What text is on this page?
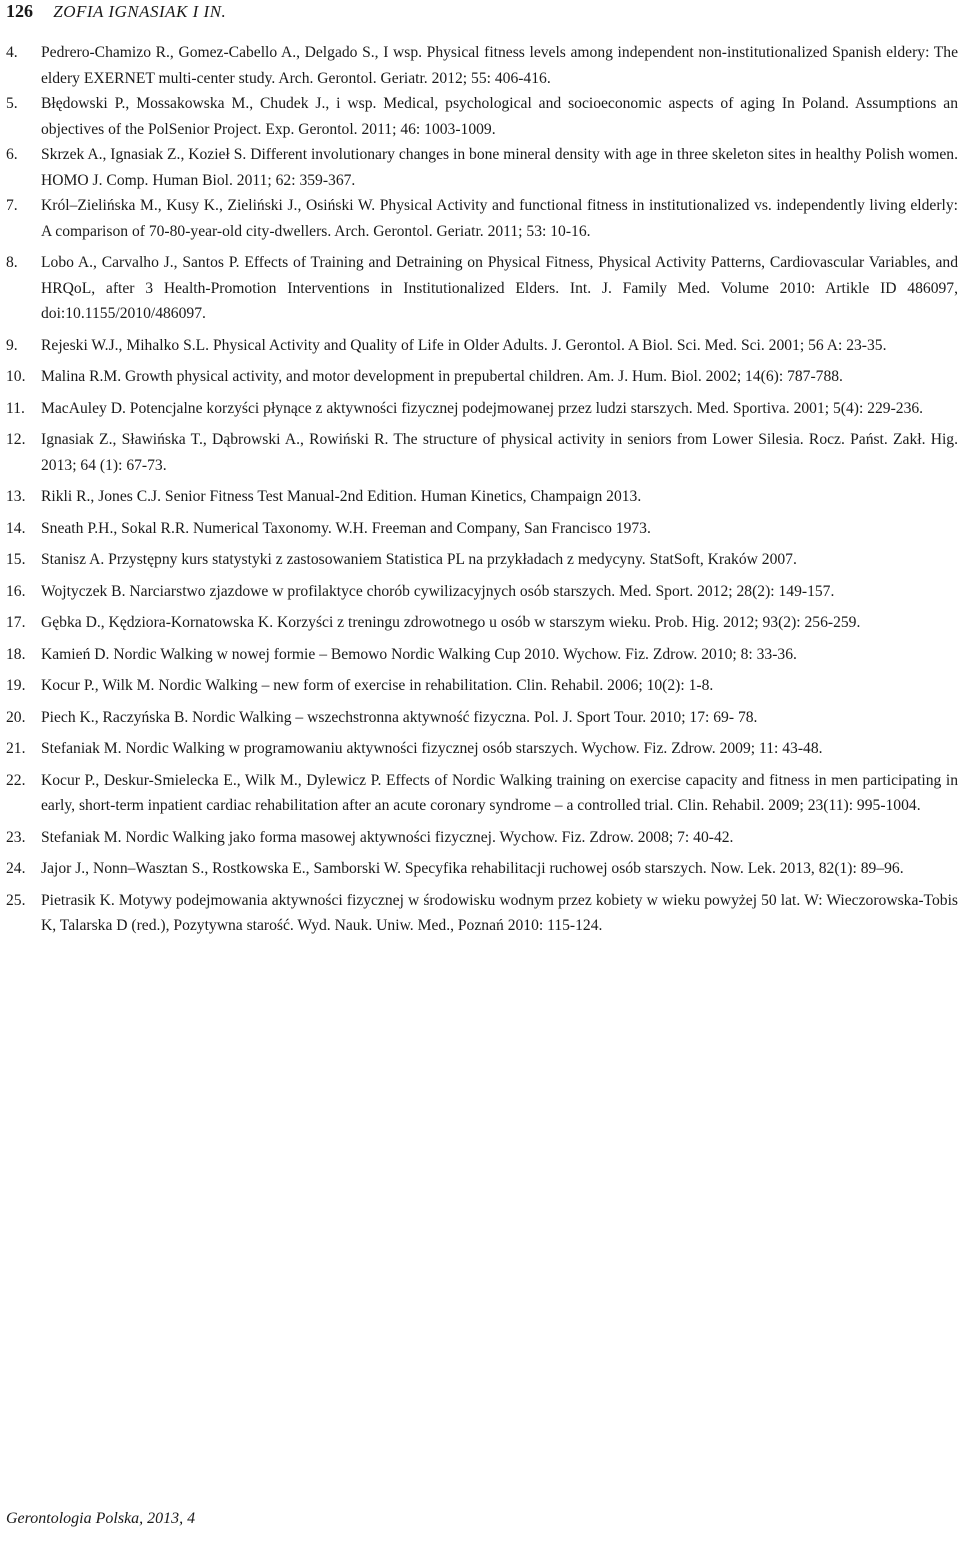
126 ZOFIA IGNASIAK I IN.
4.	Pedrero-Chamizo R., Gomez-Cabello A., Delgado S., I wsp. Physical fitness levels among independent non-institutionalized Spanish eldery: The eldery EXERNET multi-center study. Arch. Gerontol. Geriatr. 2012; 55: 406-416.
5.	Błędowski P., Mossakowska M., Chudek J., i wsp. Medical, psychological and socioeconomic aspects of aging In Poland. Assumptions an objectives of the PolSenior Project. Exp. Gerontol. 2011; 46: 1003-1009.
6.	Skrzek A., Ignasiak Z., Kozieł S. Different involutionary changes in bone mineral density with age in three skeleton sites in healthy Polish women. HOMO J. Comp. Human Biol. 2011; 62: 359-367.
7.	Król–Zielińska M., Kusy K., Zieliński J., Osiński W. Physical Activity and functional fitness in institutionalized vs. independently living elderly: A comparison of 70-80-year-old city-dwellers. Arch. Gerontol. Geriatr. 2011; 53: 10-16.
8.	Lobo A., Carvalho J., Santos P. Effects of Training and Detraining on Physical Fitness, Physical Activity Patterns, Cardiovascular Variables, and HRQoL, after 3 Health-Promotion Interventions in Institutionalized Elders. Int. J. Family Med. Volume 2010: Artikle ID 486097, doi:10.1155/2010/486097.
9.	Rejeski W.J., Mihalko S.L. Physical Activity and Quality of Life in Older Adults. J. Gerontol. A Biol. Sci. Med. Sci. 2001; 56 A: 23-35.
10. Malina R.M. Growth physical activity, and motor development in prepubertal children. Am. J. Hum. Biol. 2002; 14(6): 787-788.
11.	MacAuley D. Potencjalne korzyści płynące z aktywności fizycznej podejmowanej przez ludzi starszych. Med. Sportiva. 2001; 5(4): 229-236.
12. Ignasiak Z., Sławińska T., Dąbrowski A., Rowiński R. The structure of physical activity in seniors from Lower Silesia. Rocz. Państ. Zakł. Hig. 2013; 64 (1): 67-73.
13. Rikli R., Jones C.J. Senior Fitness Test Manual-2nd Edition. Human Kinetics, Champaign 2013.
14. Sneath P.H., Sokal R.R. Numerical Taxonomy. W.H. Freeman and Company, San Francisco 1973.
15. Stanisz A. Przystępny kurs statystyki z zastosowaniem Statistica PL na przykładach z medycyny. StatSoft, Kraków 2007.
16. Wojtyczek B. Narciarstwo zjazdowe w profilaktyce chorób cywilizacyjnych osób starszych. Med. Sport. 2012; 28(2): 149-157.
17. Gębka D., Kędziora-Kornatowska K. Korzyści z treningu zdrowotnego u osób w starszym wieku. Prob. Hig. 2012; 93(2): 256-259.
18. Kamień D. Nordic Walking w nowej formie – Bemowo Nordic Walking Cup 2010. Wychow. Fiz. Zdrow. 2010; 8: 33-36.
19. Kocur P., Wilk M. Nordic Walking – new form of exercise in rehabilitation. Clin. Rehabil. 2006; 10(2): 1-8.
20. Piech K., Raczyńska B. Nordic Walking – wszechstronna aktywność fizyczna. Pol. J. Sport Tour. 2010; 17: 69- 78.
21. Stefaniak M. Nordic Walking w programowaniu aktywności fizycznej osób starszych. Wychow. Fiz. Zdrow. 2009; 11: 43-48.
22. Kocur P., Deskur-Smielecka E., Wilk M., Dylewicz P. Effects of Nordic Walking training on exercise capacity and fitness in men participating in early, short-term inpatient cardiac rehabilitation after an acute coronary syndrome – a controlled trial. Clin. Rehabil. 2009; 23(11): 995-1004.
23. Stefaniak M. Nordic Walking jako forma masowej aktywności fizycznej. Wychow. Fiz. Zdrow. 2008; 7: 40-42.
24. Jajor J., Nonn–Wasztan S., Rostkowska E., Samborski W. Specyfika rehabilitacji ruchowej osób starszych. Now. Lek. 2013, 82(1): 89–96.
25. Pietrasik K. Motywy podejmowania aktywności fizycznej w środowisku wodnym przez kobiety w wieku powyżej 50 lat. W: Wieczorowska-Tobis K, Talarska D (red.), Pozytywna starość. Wyd. Nauk. Uniw. Med., Poznań 2010: 115-124.
Gerontologia Polska, 2013, 4
